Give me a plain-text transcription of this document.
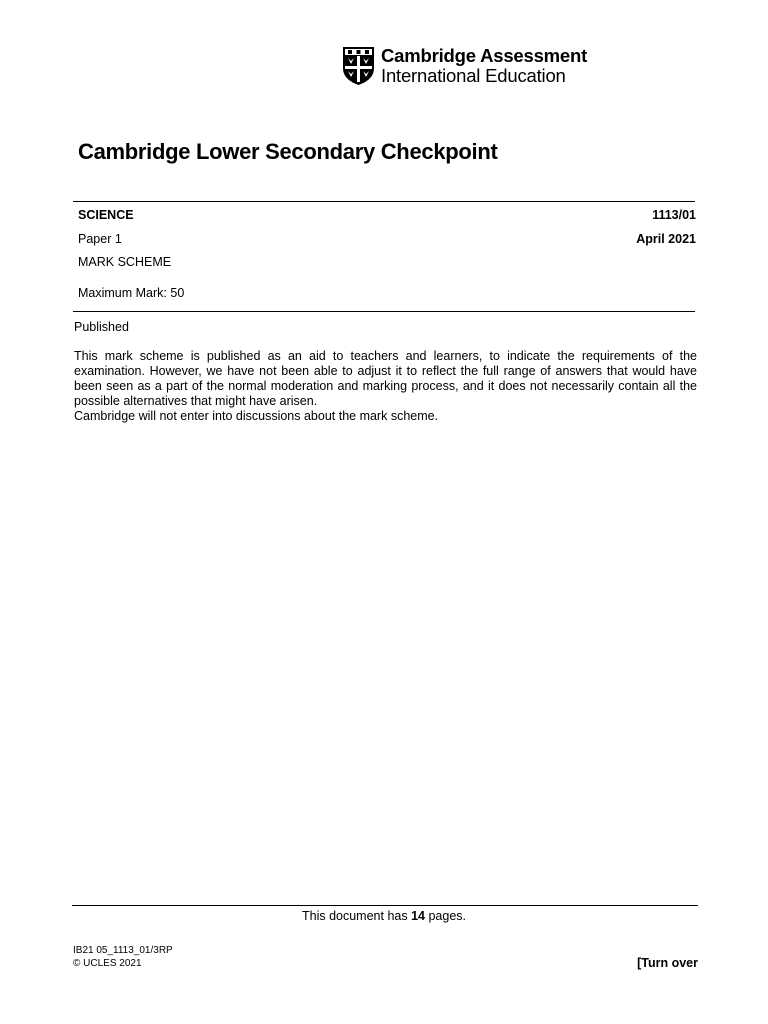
Cambridge Assessment
International Education
Cambridge Lower Secondary Checkpoint
SCIENCE	1113/01
Paper 1	April 2021
MARK SCHEME
Maximum Mark: 50
Published

This mark scheme is published as an aid to teachers and learners, to indicate the requirements of the examination. However, we have not been able to adjust it to reflect the full range of answers that would have been seen as a part of the normal moderation and marking process, and it does not necessarily contain all the possible alternatives that might have arisen.

Cambridge will not enter into discussions about the mark scheme.

This document has 14 pages.
IB21 05_1113_01/3RP
© UCLES 2021	[Turn over
